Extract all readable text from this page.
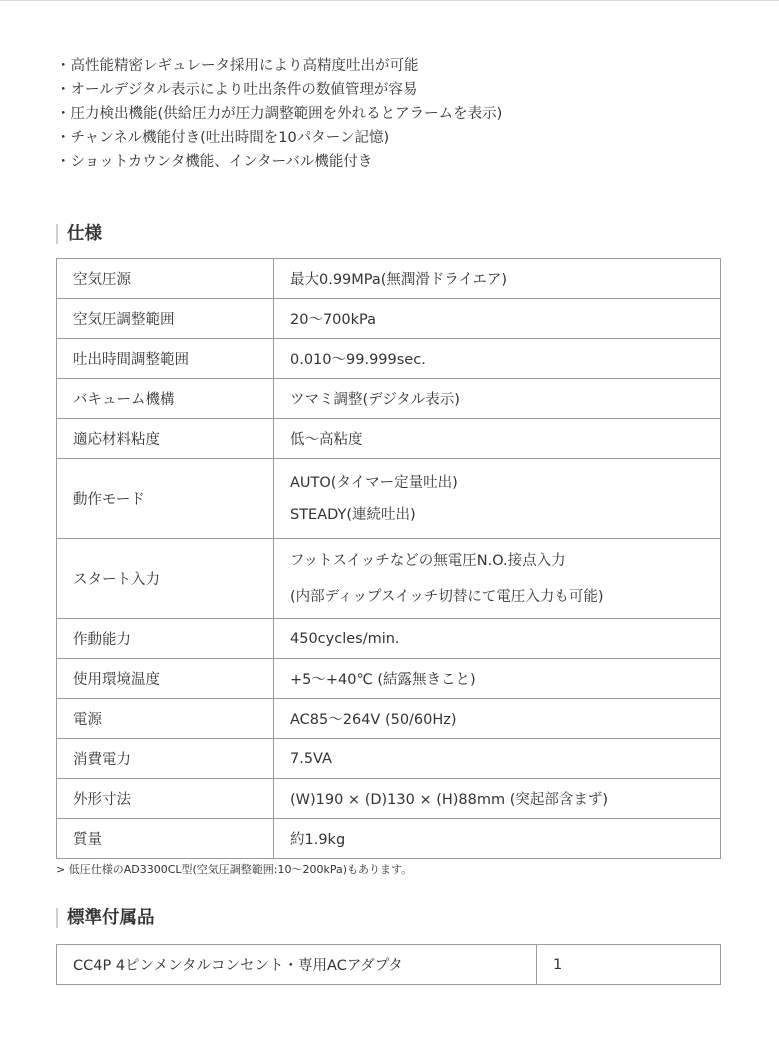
・高性能精密レギュレータ採用により高精度吐出が可能
・オールデジタル表示により吐出条件の数値管理が容易
・圧力検出機能(供給圧力が圧力調整範囲を外れるとアラームを表示)
・チャンネル機能付き(吐出時間を10パターン記憶)
・ショットカウンタ機能、インターバル機能付き
仕様
空気圧源	最大0.99MPa(無潤滑ドライエア)
空気圧調整範囲	20〜700kPa
吐出時間調整範囲	0.010〜99.999sec.
バキューム機構	ツマミ調整(デジタル表示)
適応材料粘度	低〜高粘度
動作モード	AUTO(タイマー定量吐出)
STEADY(連続吐出)

スタート入力	フットスイッチなどの無電圧N.O.接点入力
(内部ディップスイッチ切替にて電圧入力も可能)

作動能力	450cycles/min.
使用環境温度	+5〜+40℃ (結露無きこと)
電源	AC85〜264V (50/60Hz)
消費電力	7.5VA
外形寸法	(W)190 × (D)130 × (H)88mm (突起部含まず)
質量	約1.9kg
> 低圧仕様のAD3300CL型(空気圧調整範囲:10〜200kPa)もあります。
標準付属品
CC4P 4ピンメンタルコンセント・専用ACアダプタ	1
